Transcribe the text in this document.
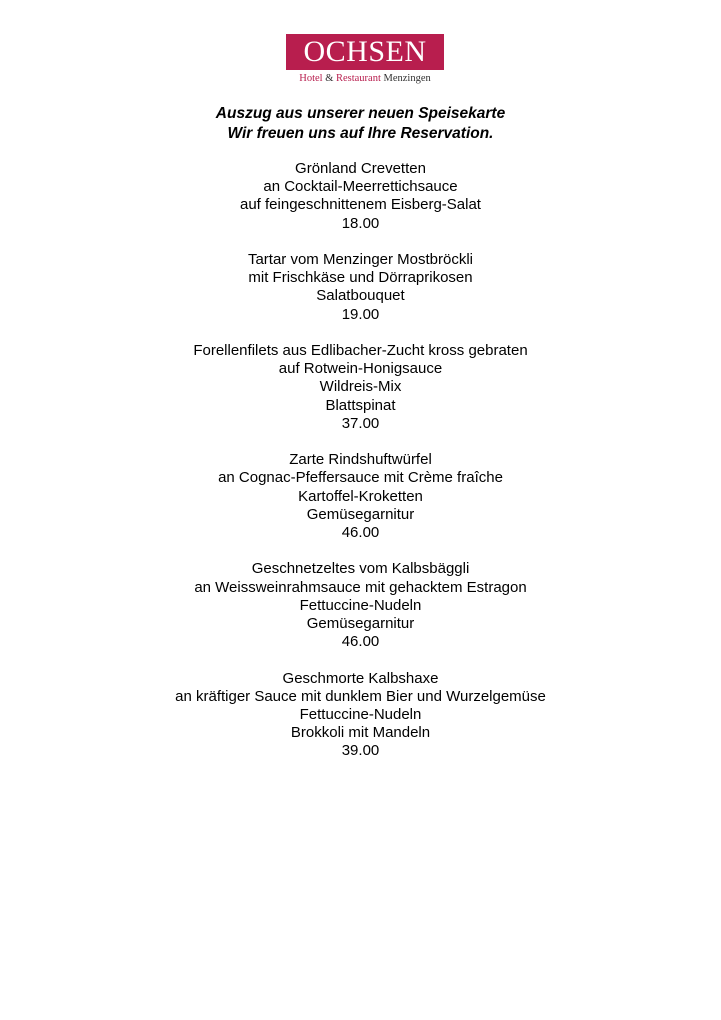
OCHSEN
Hotel & Restaurant Menzingen
Auszug aus unserer neuen Speisekarte
Wir freuen uns auf Ihre Reservation.
Grönland Crevetten
an Cocktail-Meerrettichsauce
auf feingeschnittenem Eisberg-Salat
18.00
Tartar vom Menzinger Mostbröckli
mit Frischkäse und Dörraprikosen
Salatbouquet
19.00
Forellenfilets aus Edlibacher-Zucht kross gebraten
auf Rotwein-Honigsauce
Wildreis-Mix
Blattspinat
37.00
Zarte Rindshuftwürfel
an Cognac-Pfeffersauce mit Crème fraîche
Kartoffel-Kroketten
Gemüsegarnitur
46.00
Geschnetzeltes vom Kalbsbäggli
an Weissweinrahmsauce mit gehacktem Estragon
Fettuccine-Nudeln
Gemüsegarnitur
46.00
Geschmorte Kalbshaxe
an kräftiger Sauce mit dunklem Bier und Wurzelgemüse
Fettuccine-Nudeln
Brokkoli mit Mandeln
39.00
